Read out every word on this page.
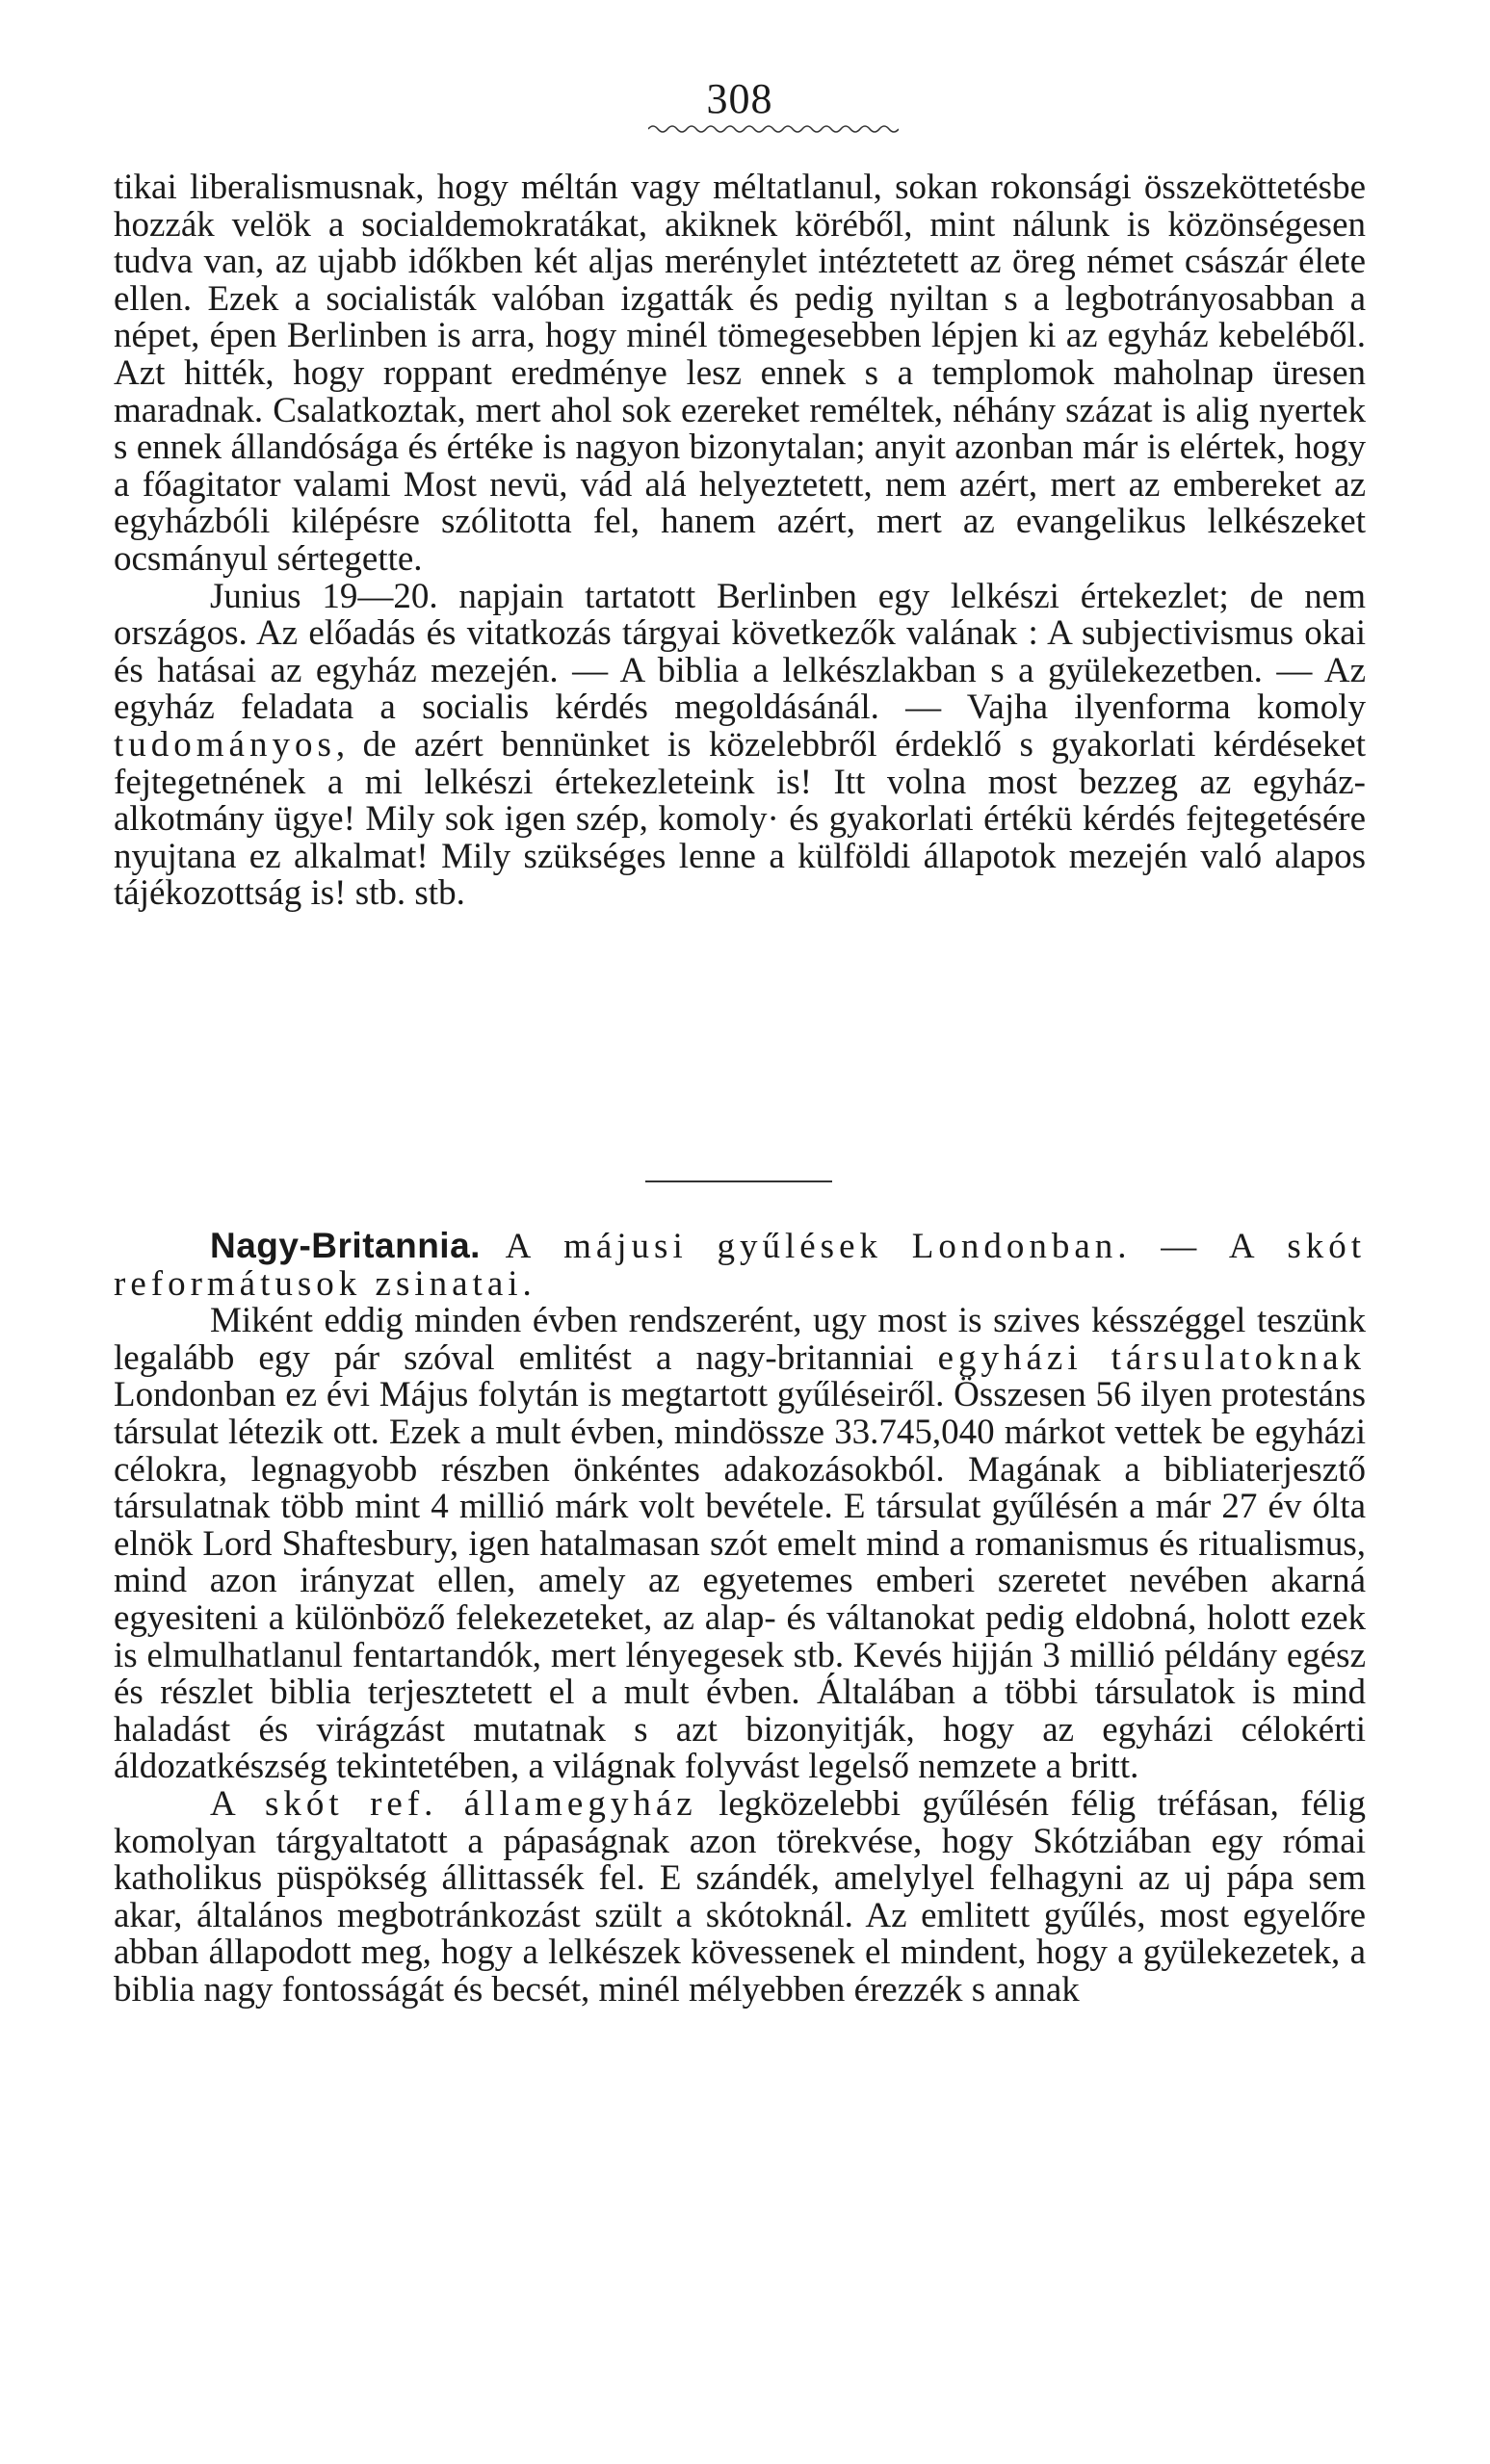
308

tikai liberalismusnak, hogy méltán vagy méltatlanul, sokan rokonsági összeköttetésbe hozzák velök a socialdemokratákat, akiknek köréből, mint nálunk is közönségesen tudva van, az ujabb időkben két aljas merénylet intéztetett az öreg német császár élete ellen. Ezek a socialisták valóban izgatták és pedig nyiltan s a legbotrányosabban a népet, épen Berlinben is arra, hogy minél tömegesebben lépjen ki az egyház kebeléből. Azt hitték, hogy roppant eredménye lesz ennek s a templomok maholnap üresen maradnak. Csalatkoztak, mert ahol sok ezereket reméltek, néhány százat is alig nyertek s ennek állandósága és értéke is nagyon bizonytalan; anyit azonban már is elértek, hogy a főagitator valami Most nevü, vád alá helyeztetett, nem azért, mert az embereket az egyházbóli kilépésre szólitotta fel, hanem azért, mert az evangelikus lelkészeket ocsmányul sértegette.

Junius 19—20. napjain tartatott Berlinben egy lelkészi értekezlet; de nem országos. Az előadás és vitatkozás tárgyai következők valának : A subjectivismus okai és hatásai az egyház mezején. — A biblia a lelkészlakban s a gyülekezetben. — Az egyház feladata a socialis kérdés megoldásánál. — Vajha ilyenforma komoly tudományos, de azért bennünket is közelebbről érdeklő s gyakorlati kérdéseket fejtegetnének a mi lelkészi értekezleteink is! Itt volna most bezzeg az egyház-alkotmány ügye! Mily sok igen szép, komoly· és gyakorlati értékü kérdés fejtegetésére nyujtana ez alkalmat! Mily szükséges lenne a külföldi állapotok mezején való alapos tájékozottság is! stb. stb.

Nagy-Britannia. A májusi gyűlések Londonban. — A skót reformátusok zsinatai.

Miként eddig minden évben rendszerént, ugy most is szives késszéggel teszünk legalább egy pár szóval emlitést a nagy-britanniai egyházi társulatoknak Londonban ez évi Május folytán is megtartott gyűléseiről. Összesen 56 ilyen protestáns társulat létezik ott. Ezek a mult évben, mindössze 33.745,040 márkot vettek be egyházi célokra, legnagyobb részben önkéntes adakozásokból. Magának a bibliaterjesztő társulatnak több mint 4 millió márk volt bevétele. E társulat gyűlésén a már 27 év ólta elnök Lord Shaftesbury, igen hatalmasan szót emelt mind a romanismus és ritualismus, mind azon irányzat ellen, amely az egyetemes emberi szeretet nevében akarná egyesiteni a különböző felekezeteket, az alap- és váltanokat pedig eldobná, holott ezek is elmulhatlanul fentartandók, mert lényegesek stb. Kevés hijján 3 millió példány egész és részlet biblia terjesztetett el a mult évben. Általában a többi társulatok is mind haladást és virágzást mutatnak s azt bizonyitják, hogy az egyházi célokérti áldozatkészség tekintetében, a világnak folyvást legelső nemzete a britt.

A skót ref. államegyház legközelebbi gyűlésén félig tréfásan, félig komolyan tárgyaltatott a pápaságnak azon törekvése, hogy Skótziában egy római katholikus püspökség állittassék fel. E szándék, amelylyel felhagyni az uj pápa sem akar, általános megbotránkozást szült a skótoknál. Az emlitett gyűlés, most egyelőre abban állapodott meg, hogy a lelkészek kövessenek el mindent, hogy a gyülekezetek, a biblia nagy fontosságát és becsét, minél mélyebben érezzék s annak
